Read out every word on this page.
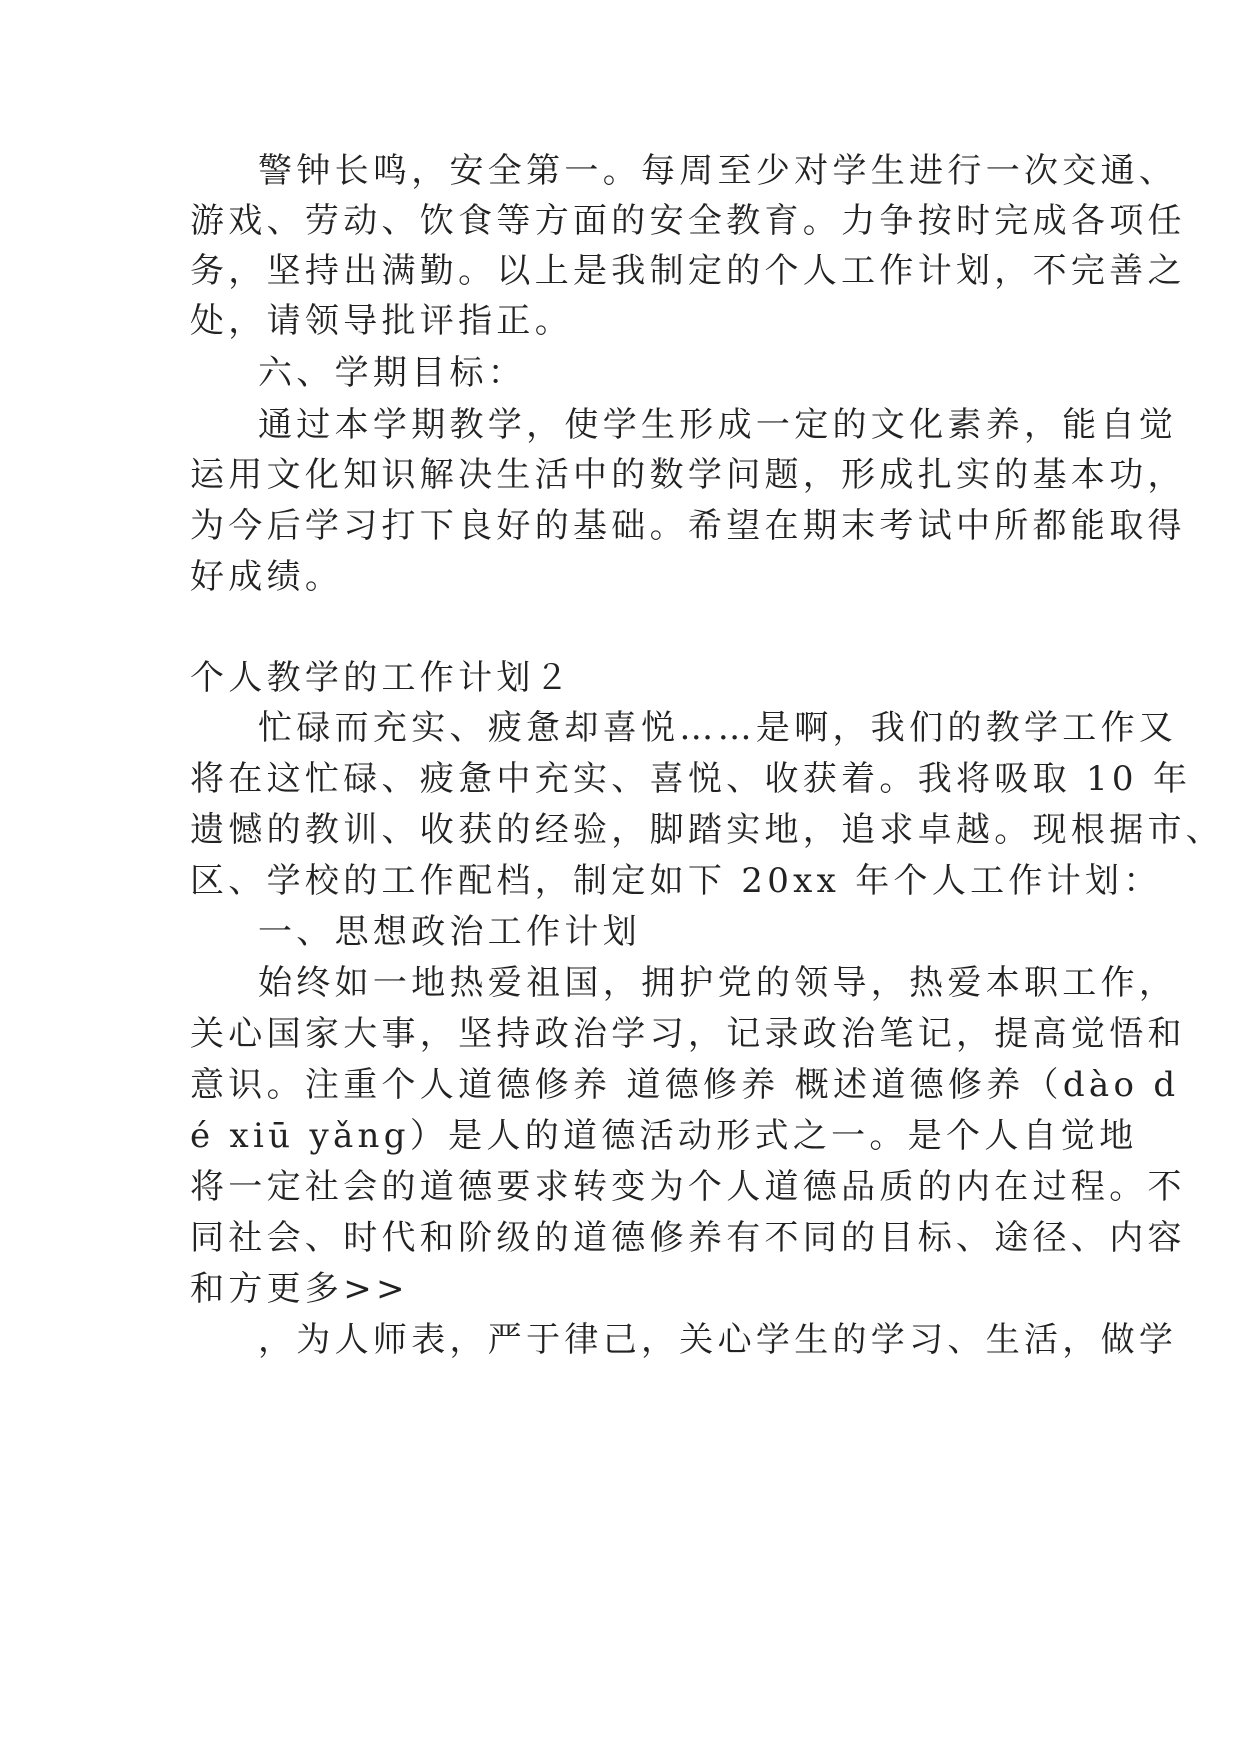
警钟长鸣，安全第一。每周至少对学生进行一次交通、

游戏、劳动、饮食等方面的安全教育。力争按时完成各项任

务，坚持出满勤。以上是我制定的个人工作计划，不完善之

处，请领导批评指正。

六、学期目标：

通过本学期教学，使学生形成一定的文化素养，能自觉

运用文化知识解决生活中的数学问题，形成扎实的基本功，

为今后学习打下良好的基础。希望在期末考试中所都能取得

好成绩。

个人教学的工作计划２

忙碌而充实、疲惫却喜悦……是啊，我们的教学工作又

将在这忙碌、疲惫中充实、喜悦、收获着。我将吸取 10 年

遗憾的教训、收获的经验，脚踏实地，追求卓越。现根据市、

区、学校的工作配档，制定如下 20xx 年个人工作计划：

一、思想政治工作计划

始终如一地热爱祖国，拥护党的领导，热爱本职工作，

关心国家大事，坚持政治学习，记录政治笔记，提高觉悟和

意识。注重个人道德修养 道德修养 概述道德修养（dào d

é xiū yǎng）是人的道德活动形式之一。是个人自觉地

将一定社会的道德要求转变为个人道德品质的内在过程。不

同社会、时代和阶级的道德修养有不同的目标、途径、内容

和方更多>>

，为人师表，严于律己，关心学生的学习、生活，做学
